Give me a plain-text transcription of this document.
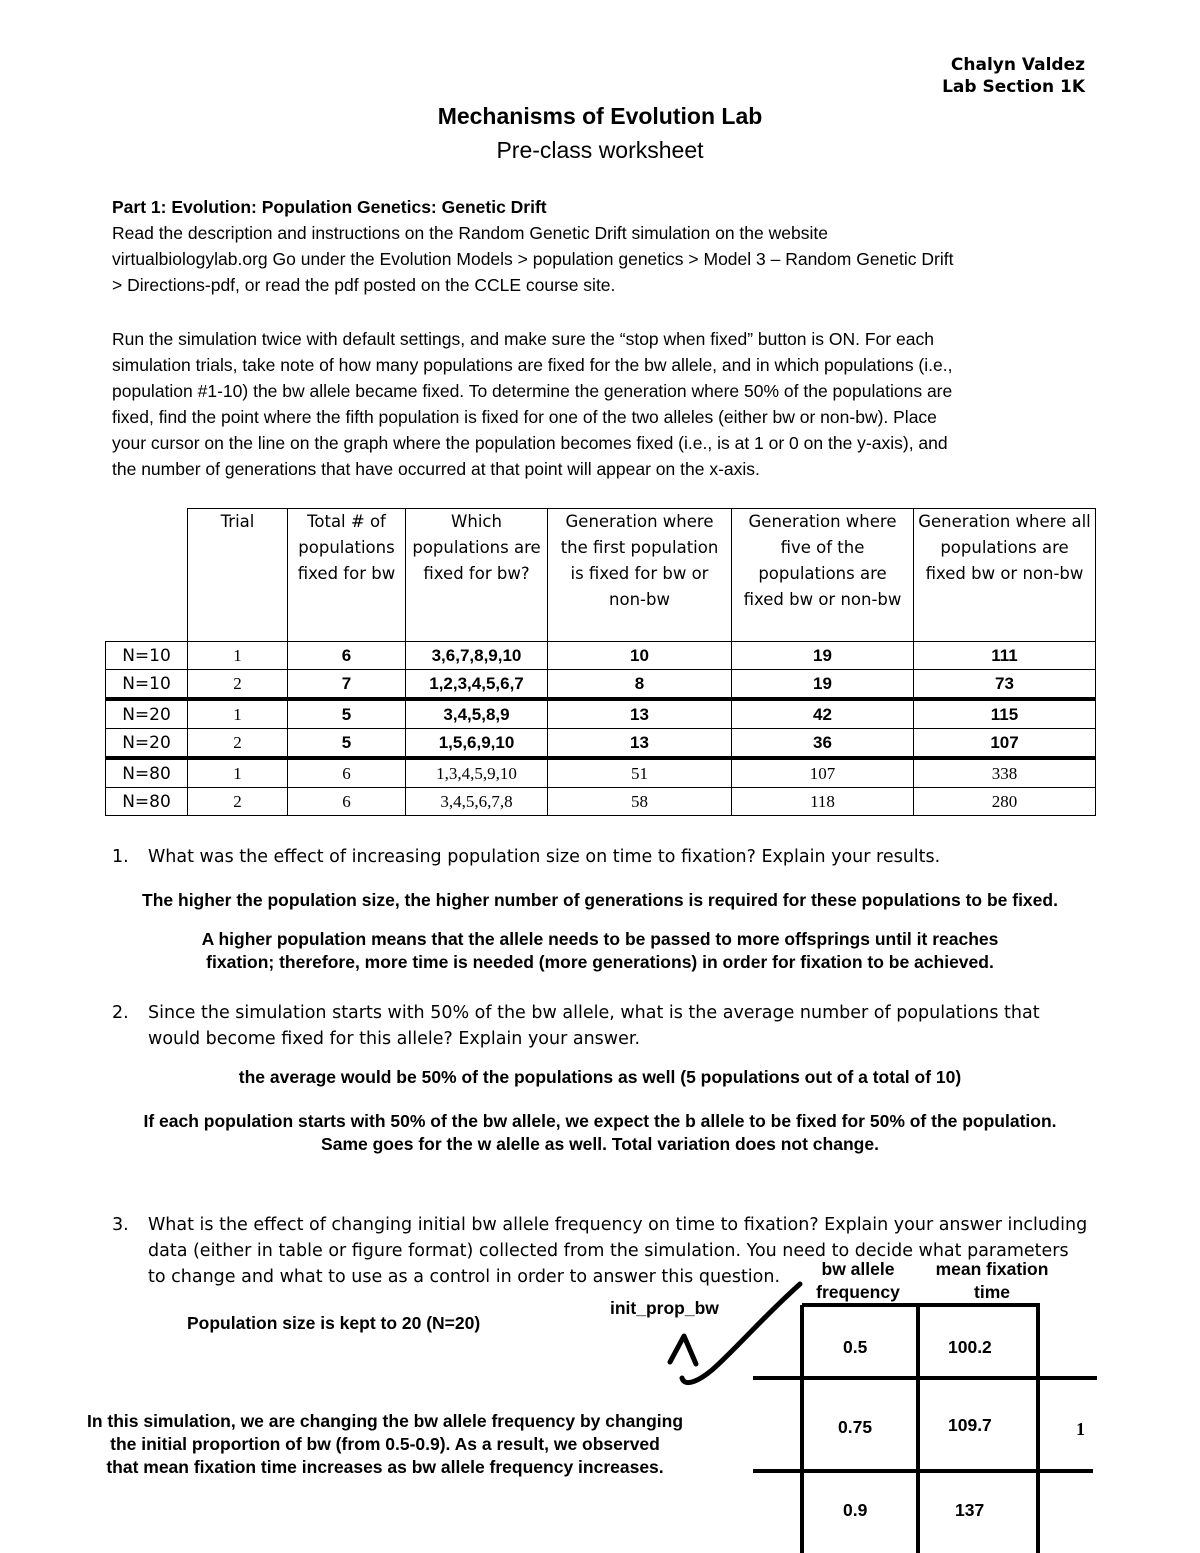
Chalyn Valdez
Lab Section 1K
Mechanisms of Evolution Lab
Pre-class worksheet

Part 1: Evolution: Population Genetics: Genetic Drift

Read the description and instructions on the Random Genetic Drift simulation on the website

virtualbiologylab.org Go under the Evolution Models > population genetics > Model 3 – Random Genetic Drift

> Directions-pdf, or read the pdf posted on the CCLE course site.

Run the simulation twice with default settings, and make sure the “stop when fixed” button is ON. For each

simulation trials, take note of how many populations are fixed for the bw allele, and in which populations (i.e.,

population #1-10) the bw allele became fixed. To determine the generation where 50% of the populations are

fixed, find the point where the fifth population is fixed for one of the two alleles (either bw or non-bw). Place

your cursor on the line on the graph where the population becomes fixed (i.e., is at 1 or 0 on the y-axis), and

the number of generations that have occurred at that point will appear on the x-axis.

	Trial	Total # of populations fixed for bw	Which populations are fixed for bw?	Generation where the first population is fixed for bw or non-bw	Generation where five of the populations are fixed bw or non-bw	Generation where all populations are fixed bw or non-bw
N=10	1	6	3,6,7,8,9,10	10	19	111
N=10	2	7	1,2,3,4,5,6,7	8	19	73
N=20	1	5	3,4,5,8,9	13	42	115
N=20	2	5	1,5,6,9,10	13	36	107
N=80	1	6	1,3,4,5,9,10	51	107	338
N=80	2	6	3,4,5,6,7,8	58	118	280
1. What was the effect of increasing population size on time to fixation? Explain your results.

The higher the population size, the higher number of generations is required for these populations to be fixed.

A higher population means that the allele needs to be passed to more offsprings until it reaches

fixation; therefore, more time is needed (more generations) in order for fixation to be achieved.

2. Since the simulation starts with 50% of the bw allele, what is the average number of populations that
would become fixed for this allele? Explain your answer.

the average would be 50% of the populations as well (5 populations out of a total of 10)

If each population starts with 50% of the bw allele, we expect the b allele to be fixed for 50% of the population.

Same goes for the w alelle as well. Total variation does not change.

3. What is the effect of changing initial bw allele frequency on time to fixation? Explain your answer including
data (either in table or figure format) collected from the simulation. You need to decide what parameters
to change and what to use as a control in order to answer this question.
Population size is kept to 20 (N=20)

In this simulation, we are changing the bw allele frequency by changing

the initial proportion of bw (from 0.5-0.9). As a result, we observed

that mean fixation time increases as bw allele frequency increases.

init_prop_bw
bw allele
frequency
mean fixation
time
0.5	100.2
0.75	109.7
0.9	137
1
